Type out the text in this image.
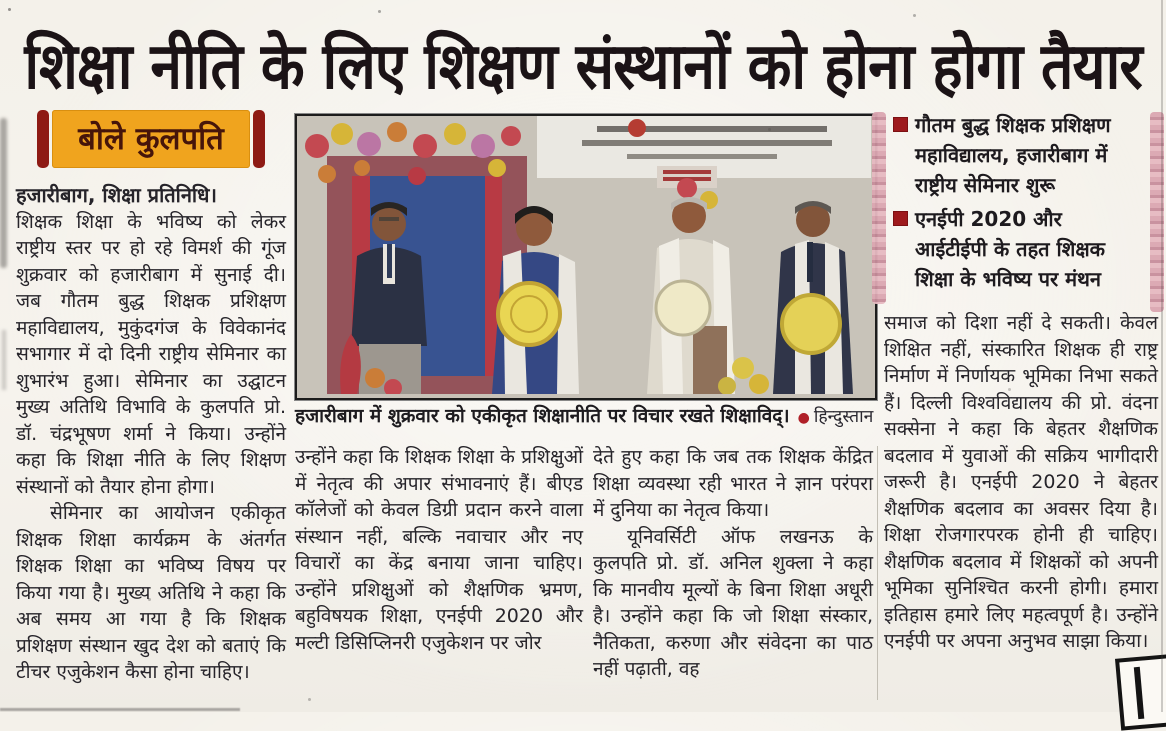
शिक्षा नीति के लिए शिक्षण संस्थानों को होना होगा तैयार
बोले कुलपति
हजारीबाग, शिक्षा प्रतिनिधि।
शिक्षक शिक्षा के भविष्य को लेकर राष्ट्रीय स्तर पर हो रहे विमर्श की गूंज शुक्रवार को हजारीबाग में सुनाई दी। जब गौतम बुद्ध शिक्षक प्रशिक्षण महाविद्यालय, मुकुंदगंज के विवेकानंद सभागार में दो दिनी राष्ट्रीय सेमिनार का शुभारंभ हुआ। सेमिनार का उद्घाटन मुख्य अतिथि विभावि के कुलपति प्रो. डॉ. चंद्रभूषण शर्मा ने किया। उन्होंने कहा कि शिक्षा नीति के लिए शिक्षण संस्थानों को तैयार होना होगा।
सेमिनार का आयोजन एकीकृत शिक्षक शिक्षा कार्यक्रम के अंतर्गत शिक्षक शिक्षा का भविष्य विषय पर किया गया है। मुख्य अतिथि ने कहा कि अब समय आ गया है कि शिक्षक प्रशिक्षण संस्थान खुद देश को बताएं कि टीचर एजुकेशन कैसा होना चाहिए।
हजारीबाग में शुक्रवार को एकीकृत शिक्षानीति पर विचार रखते शिक्षाविद्। ● हिन्दुस्तान
उन्होंने कहा कि शिक्षक शिक्षा के प्रशिक्षुओं में नेतृत्व की अपार संभावनाएं हैं। बीएड कॉलेजों को केवल डिग्री प्रदान करने वाला संस्थान नहीं, बल्कि नवाचार और नए विचारों का केंद्र बनाया जाना चाहिए। उन्होंने प्रशिक्षुओं को शैक्षणिक भ्रमण, बहुविषयक शिक्षा, एनईपी 2020 और मल्टी डिसिप्लिनरी एजुकेशन पर जोर
देते हुए कहा कि जब तक शिक्षक केंद्रित शिक्षा व्यवस्था रही भारत ने ज्ञान परंपरा में दुनिया का नेतृत्व किया।
यूनिवर्सिटी ऑफ लखनऊ के कुलपति प्रो. डॉ. अनिल शुक्ला ने कहा कि मानवीय मूल्यों के बिना शिक्षा अधूरी है। उन्होंने कहा कि जो शिक्षा संस्कार, नैतिकता, करुणा और संवेदना का पाठ नहीं पढ़ाती, वह
गौतम बुद्ध शिक्षक प्रशिक्षण महाविद्यालय, हजारीबाग में राष्ट्रीय सेमिनार शुरू
एनईपी 2020 और आईटीईपी के तहत शिक्षक शिक्षा के भविष्य पर मंथन
समाज को दिशा नहीं दे सकती। केवल शिक्षित नहीं, संस्कारित शिक्षक ही राष्ट्र निर्माण में निर्णायक भूमिका निभा सकते हैं। दिल्ली विश्वविद्यालय की प्रो. वंदना सक्सेना ने कहा कि बेहतर शैक्षणिक बदलाव में युवाओं की सक्रिय भागीदारी जरूरी है। एनईपी 2020 ने बेहतर शैक्षणिक बदलाव का अवसर दिया है। शिक्षा रोजगारपरक होनी ही चाहिए। शैक्षणिक बदलाव में शिक्षकों को अपनी भूमिका सुनिश्चित करनी होगी। हमारा इतिहास हमारे लिए महत्वपूर्ण है। उन्होंने एनईपी पर अपना अनुभव साझा किया।
